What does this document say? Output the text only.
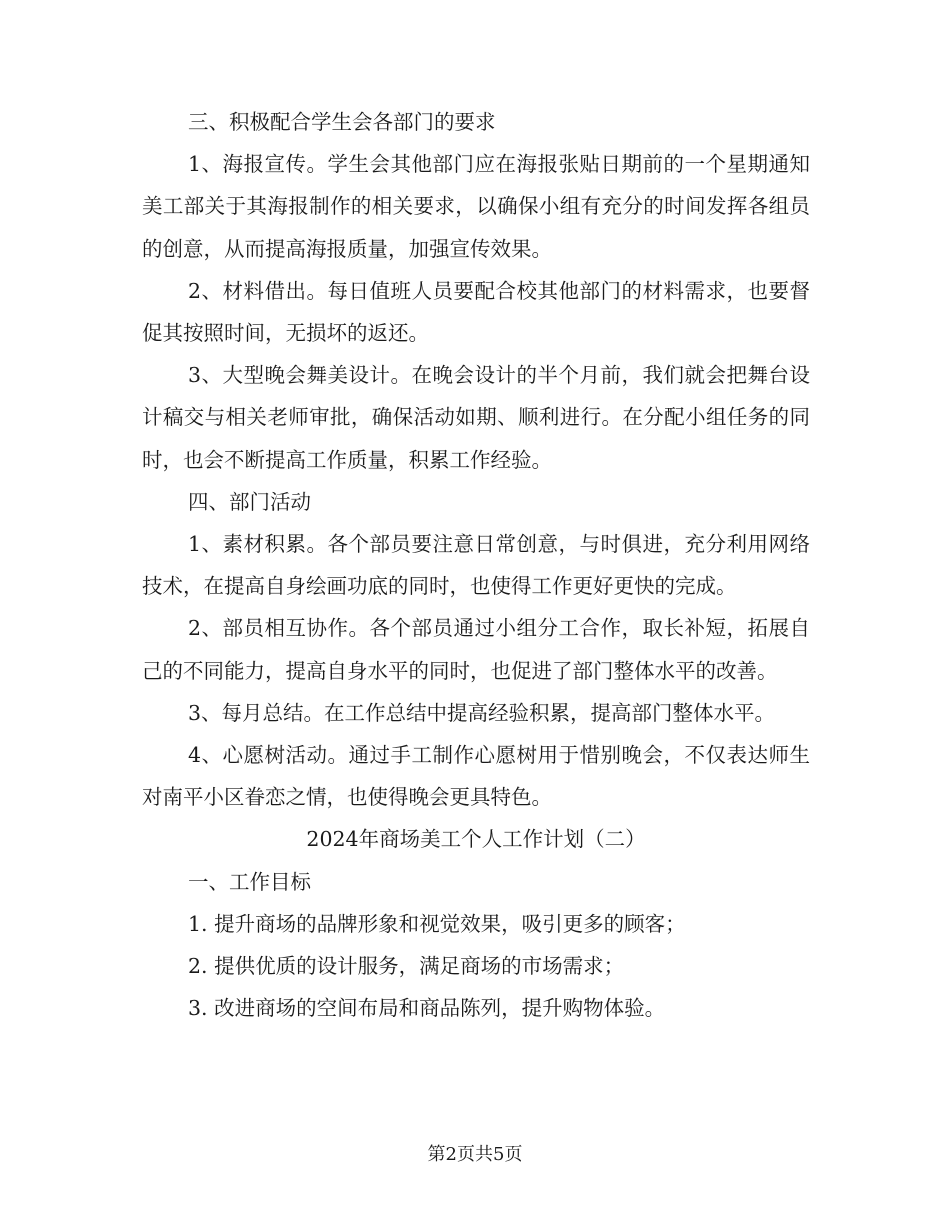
三、积极配合学生会各部门的要求

1、海报宣传。学生会其他部门应在海报张贴日期前的一个星期通知美工部关于其海报制作的相关要求，以确保小组有充分的时间发挥各组员的创意，从而提高海报质量，加强宣传效果。

2、材料借出。每日值班人员要配合校其他部门的材料需求，也要督促其按照时间，无损坏的返还。

3、大型晚会舞美设计。在晚会设计的半个月前，我们就会把舞台设计稿交与相关老师审批，确保活动如期、顺利进行。在分配小组任务的同时，也会不断提高工作质量，积累工作经验。

四、部门活动

1、素材积累。各个部员要注意日常创意，与时俱进，充分利用网络技术，在提高自身绘画功底的同时，也使得工作更好更快的完成。

2、部员相互协作。各个部员通过小组分工合作，取长补短，拓展自己的不同能力，提高自身水平的同时，也促进了部门整体水平的改善。

3、每月总结。在工作总结中提高经验积累，提高部门整体水平。

4、心愿树活动。通过手工制作心愿树用于惜别晚会，不仅表达师生对南平小区眷恋之情，也使得晚会更具特色。

2024年商场美工个人工作计划（二）

一、工作目标

1. 提升商场的品牌形象和视觉效果，吸引更多的顾客；

2. 提供优质的设计服务，满足商场的市场需求；

3. 改进商场的空间布局和商品陈列，提升购物体验。

第2页共5页
